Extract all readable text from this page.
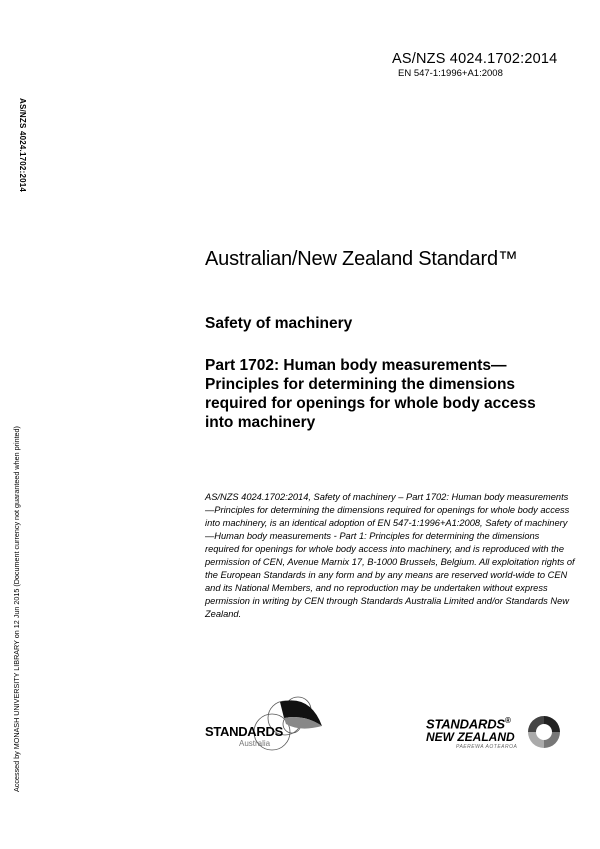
AS/NZS 4024.1702:2014
EN 547-1:1996+A1:2008
AS/NZS 4024.1702:2014
Accessed by MONASH UNIVERSITY LIBRARY on 12 Jun 2015 (Document currency not guaranteed when printed)
Australian/New Zealand Standard™
Safety of machinery
Part 1702: Human body measurements—Principles for determining the dimensions required for openings for whole body access into machinery
AS/NZS 4024.1702:2014, Safety of machinery – Part 1702: Human body measurements—Principles for determining the dimensions required for openings for whole body access into machinery, is an identical adoption of EN 547-1:1996+A1:2008, Safety of machinery—Human body measurements - Part 1: Principles for determining the dimensions required for openings for whole body access into machinery, and is reproduced with the permission of CEN, Avenue Marnix 17, B-1000 Brussels, Belgium. All exploitation rights of the European Standards in any form and by any means are reserved world-wide to CEN and its National Members, and no reproduction may be undertaken without express permission in writing by CEN through Standards Australia Limited and/or Standards New Zealand.
STANDARDS
Australia
STANDARDS®
NEW ZEALAND
PAEREWA AOTEAROA
